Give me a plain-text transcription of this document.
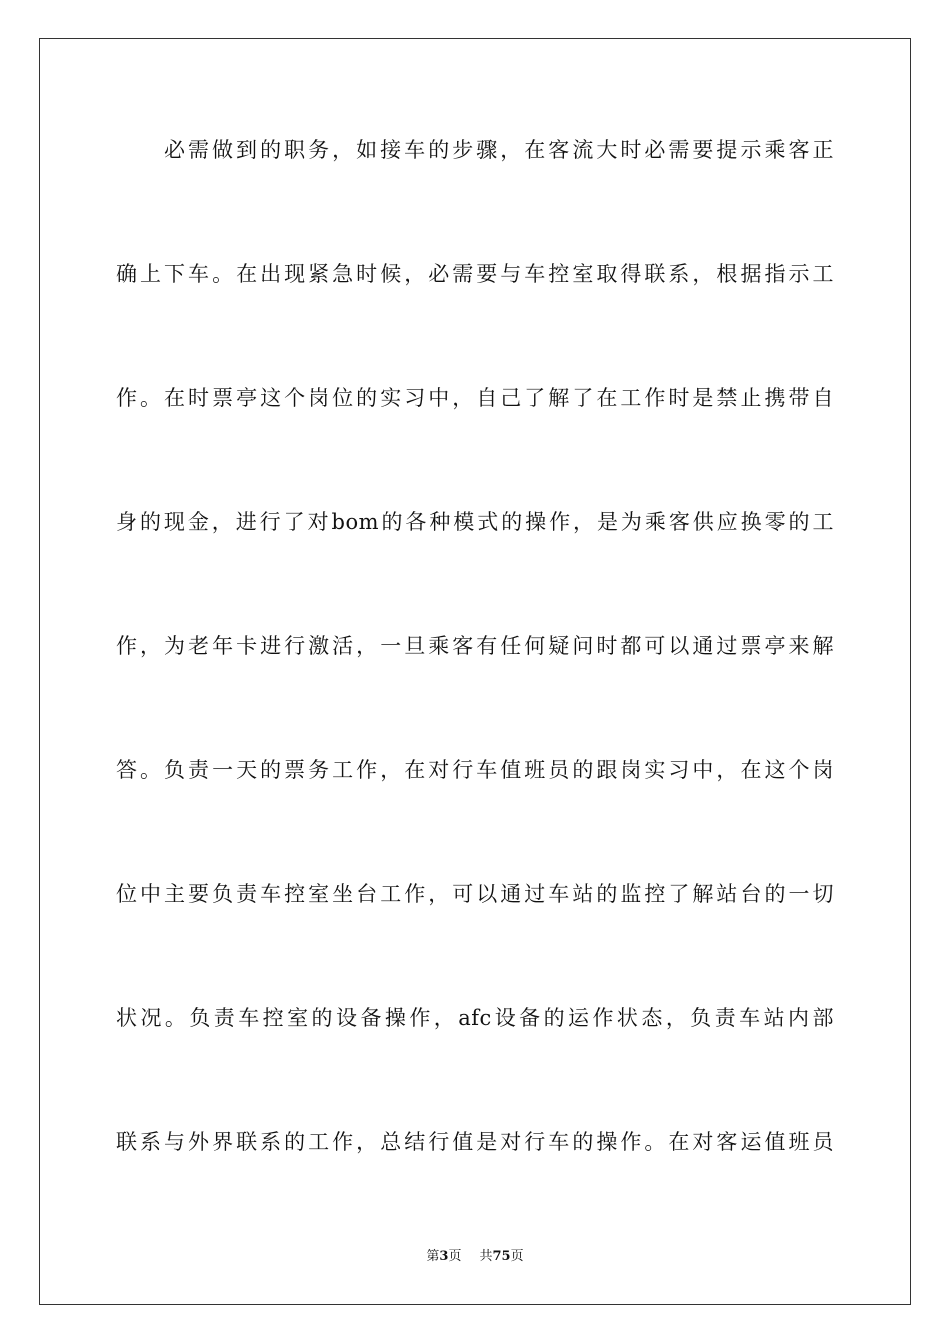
必需做到的职务，如接车的步骤，在客流大时必需要提示乘客正
确上下车。在出现紧急时候，必需要与车控室取得联系，根据指示工
作。在时票亭这个岗位的实习中，自己了解了在工作时是禁止携带自
身的现金，进行了对bom的各种模式的操作，是为乘客供应换零的工
作，为老年卡进行激活，一旦乘客有任何疑问时都可以通过票亭来解
答。负责一天的票务工作，在对行车值班员的跟岗实习中，在这个岗
位中主要负责车控室坐台工作，可以通过车站的监控了解站台的一切
状况。负责车控室的设备操作，afc设备的运作状态，负责车站内部
联系与外界联系的工作，总结行值是对行车的操作。在对客运值班员
第3页 共75页
